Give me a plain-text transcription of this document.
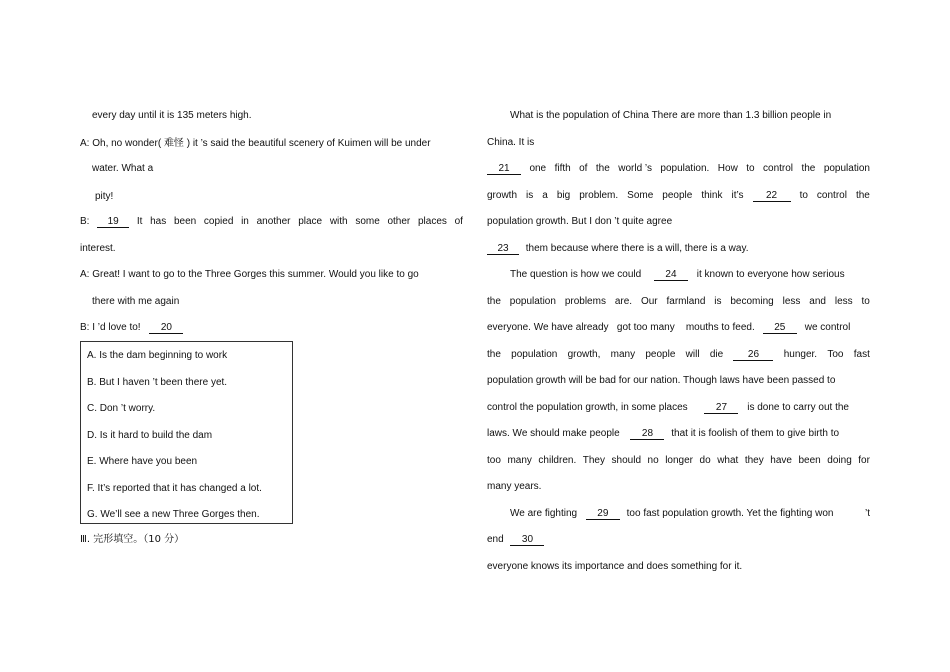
every day until it is 135 meters high.
A: Oh, no wonder( 难怪 ) it ’s said the beautiful scenery of Kuimen will be under
water. What a
pity!
B:	19	It has been copied in another place with some other places of
interest.
A: Great! I want to go to the Three Gorges this summer. Would you like to go
there with me again
B: I ’d love to! 20
A. Is the dam beginning to work
B. But I haven ’t been there yet.
C. Don ’t worry.
D. Is it hard to build the dam
E. Where have you been
F. It’s reported that it has changed a lot.
G. We’ll see a new Three Gorges then.
Ⅲ. 完形填空。（10 分）
What is the population of China There are more than 1.3 billion people in
China. It is
21	one fifth of the world ’s population. How to control the population
growth is a big problem. Some people think it’s	22	to control the
population growth. But I don ’t quite agree
23 them because where there is a will, there is a way.
The question is how we could 24 it known to everyone how serious
the population problems are. Our farmland is becoming less and less to
everyone. We have already   got too many    mouths to feed. 25 we control
the population growth, many people will die	26	hunger. Too fast
population growth will be bad for our nation. Though laws have been passed to
control the population growth, in some places	27 is done to carry out the
laws. We should make people 28 that it is foolish of them to give birth to
too many children. They should no longer do what they have been doing for
many years.
We are fighting 29 too fast population growth. Yet the fighting won	’t
end 30
everyone knows its importance and does something for it.
